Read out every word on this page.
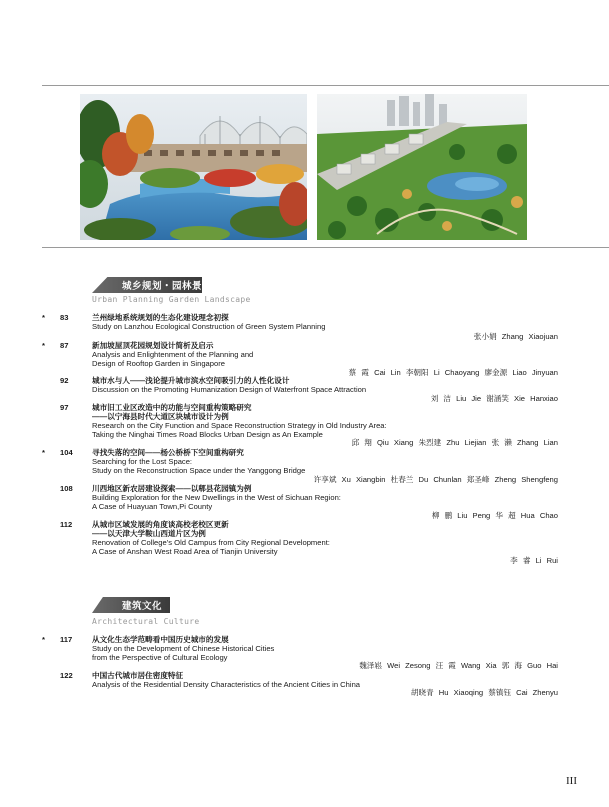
城乡规划・园林景观
Urban Planning Garden Landscape
* 83	兰州绿地系统规划的生态化建设理念初探
Study on Lanzhou Ecological Construction of Green System Planning
张小娟 Zhang Xiaojuan
* 87	新加坡屋顶花园规划设计简析及启示
Analysis and Enlightenment of the Planning and
Design of Rooftop Garden in Singapore
蔡 霞 Cai Lin 李朝阳 Li Chaoyang 廖金源 Liao Jinyuan
92	城市水与人——浅论提升城市滨水空间吸引力的人性化设计
Discussion on the Promoting Humanization Design of Waterfront Space Attraction
刘 洁 Liu Jie 谢涵笑 Xie Hanxiao
97	城市旧工业区改造中的功能与空间重构策略研究
——以宁海县时代大道区块城市设计为例
Research on the City Function and Space Reconstruction Strategy in Old Industry Area:
Taking the Ninghai Times Road Blocks Urban Design as An Example
邱 翔 Qiu Xiang 朱烈建 Zhu Liejian 张 濑 Zhang Lian
* 104	寻找失落的空间——杨公桥桥下空间重构研究
Searching for the Lost Space:
Study on the Reconstruction Space under the Yanggong Bridge
许享斌 Xu Xiangbin 杜春兰 Du Chunlan 郑圣峰 Zheng Shengfeng
108	川西地区新农居建设探索——以郫县花园镇为例
Building Exploration for the New Dwellings in the West of Sichuan Region:
A Case of Huayuan Town,Pi County
柳 鹏 Liu Peng 华 超 Hua Chao
112	从城市区域发展的角度谈高校老校区更新
——以天津大学鞍山西道片区为例
Renovation of College’s Old Campus from City Regional Development:
A Case of Anshan West Road Area of Tianjin University
李 睿 Li Rui
建筑文化
Architectural Culture
* 117	从文化生态学范畴看中国历史城市的发展
Study on the Development of Chinese Historical Cities
from the Perspective of Cultural Ecology
魏泽崧 Wei Zesong 汪 霞 Wang Xia 郭 海 Guo Hai
122	中国古代城市居住密度特征
Analysis of the Residential Density Characteristics of the Ancient Cities in China
胡晓青 Hu Xiaoqing 蔡镇钰 Cai Zhenyu
III
